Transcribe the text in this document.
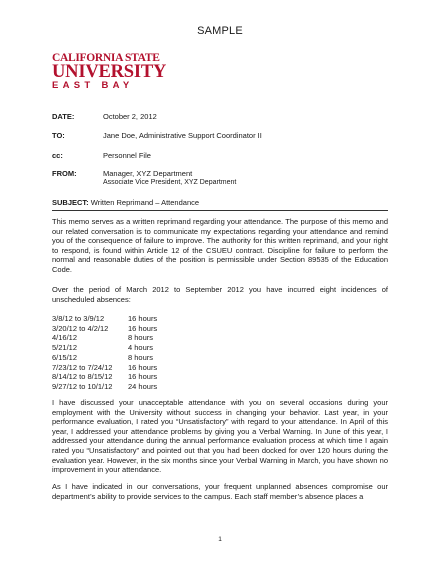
SAMPLE
CALIFORNIA STATE
UNIVERSITY
EAST BAY
DATE:	October 2, 2012
TO:	Jane Doe, Administrative Support Coordinator II
cc:	Personnel File
FROM:	Manager, XYZ Department
Associate Vice President, XYZ Department
SUBJECT: Written Reprimand – Attendance
This memo serves as a written reprimand regarding your attendance. The purpose of this memo and our related conversation is to communicate my expectations regarding your attendance and remind you of the consequence of failure to improve. The authority for this written reprimand, and your right to respond, is found within Article 12 of the CSUEU contract. Discipline for failure to perform the normal and reasonable duties of the position is permissible under Section 89535 of the Education Code.
Over the period of March 2012 to September 2012 you have incurred eight incidences of unscheduled absences:
3/8/12 to 3/9/12	16 hours
3/20/12 to 4/2/12	16 hours
4/16/12	8 hours
5/21/12	4 hours
6/15/12	8 hours
7/23/12 to 7/24/12	16 hours
8/14/12 to 8/15/12	16 hours
9/27/12 to 10/1/12	24 hours
I have discussed your unacceptable attendance with you on several occasions during your employment with the University without success in changing your behavior. Last year, in your performance evaluation, I rated you “Unsatisfactory” with regard to your attendance. In April of this year, I addressed your attendance problems by giving you a Verbal Warning. In June of this year, I addressed your attendance during the annual performance evaluation process at which time I again rated you “Unsatisfactory” and pointed out that you had been docked for over 120 hours during the evaluation year. However, in the six months since your Verbal Warning in March, you have shown no improvement in your attendance.
As I have indicated in our conversations, your frequent unplanned absences compromise our department’s ability to provide services to the campus. Each staff member’s absence places a
1
